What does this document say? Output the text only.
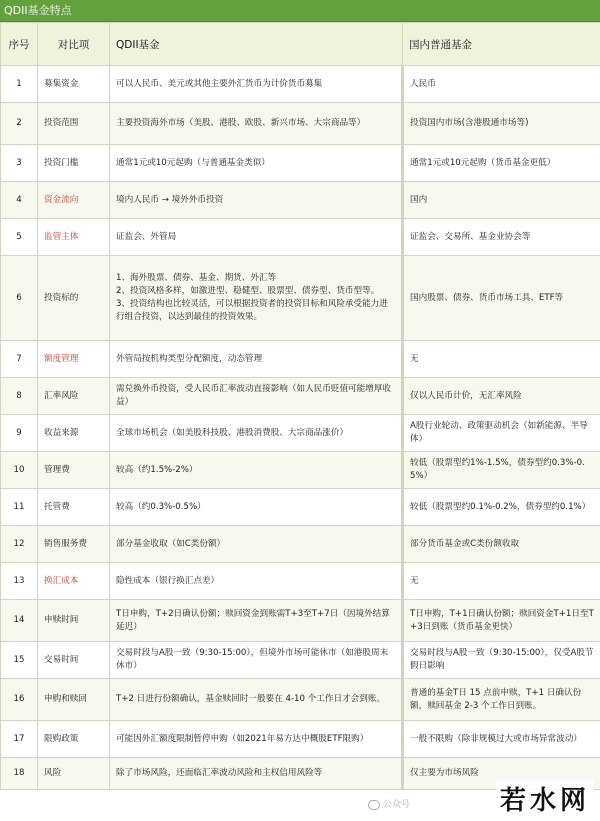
QDII基金特点
序号	对比项	QDII基金	国内普通基金
1	募集资金	可以人民币、美元或其他主要外汇货币为计价货币募集	人民币
2	投资范围	主要投资海外市场（美股、港股、欧股、新兴市场、大宗商品等）	投资国内市场(含港股通市场等)
3	投资门槛	通常1元或10元起购（与普通基金类似）	通常1元或10元起购（货币基金更低）
4	资金流向	境内人民币 → 境外外币投资	国内
5	监管主体	证监会、外管局	证监会、交易所、基金业协会等
6	投资标的	1、海外股票、债券、基金、期货、外汇等
2、投资风格多样，如激进型、稳健型、股票型、债券型、货币型等。
3、投资结构也比较灵活，可以根据投资者的投资目标和风险承受能力进行组合投资，以达到最佳的投资效果。	国内股票、债券、货币市场工具、ETF等
7	额度管理	外管局按机构类型分配额度，动态管理	无
8	汇率风险	需兑换外币投资，受人民币汇率波动直接影响（如人民币贬值可能增厚收益）	仅以人民币计价，无汇率风险
9	收益来源	全球市场机会（如美股科技股、港股消费股、大宗商品涨价）	A股行业轮动、政策驱动机会（如新能源、半导体）
10	管理费	较高（约1.5%-2%）	较低（股票型约1%-1.5%，债券型约0.3%-0.5%）
11	托管费	较高（约0.3%-0.5%）	较低（股票型约0.1%-0.2%，债券型约0.1%）
12	销售服务费	部分基金收取（如C类份额）	部分货币基金或C类份额收取
13	换汇成本	隐性成本（银行换汇点差）	无
14	申赎时间	T日申购，T+2日确认份额；赎回资金到账需T+3至T+7日（因境外结算延迟）	T日申购，T+1日确认份额；赎回资金T+1日至T+3日到账（货币基金更快）
15	交易时间	交易时段与A股一致（9:30-15:00），但境外市场可能休市（如港股周末休市）	交易时段与A股一致（9:30-15:00），仅受A股节假日影响
16	申购和赎回	T+2 日进行份额确认，基金赎回时一般要在 4-10 个工作日才会到账。	普通的基金T日 15 点前申赎，T+1 日确认份额，赎回基金 2-3 个工作日到账。
17	限购政策	可能因外汇额度限制暂停申购（如2021年易方达中概股ETF限购）	一般不限购（除非规模过大或市场异常波动）
18	风险	除了市场风险，还面临汇率波动风险和主权信用风险等	仅主要为市场风险
公众号	若水网
